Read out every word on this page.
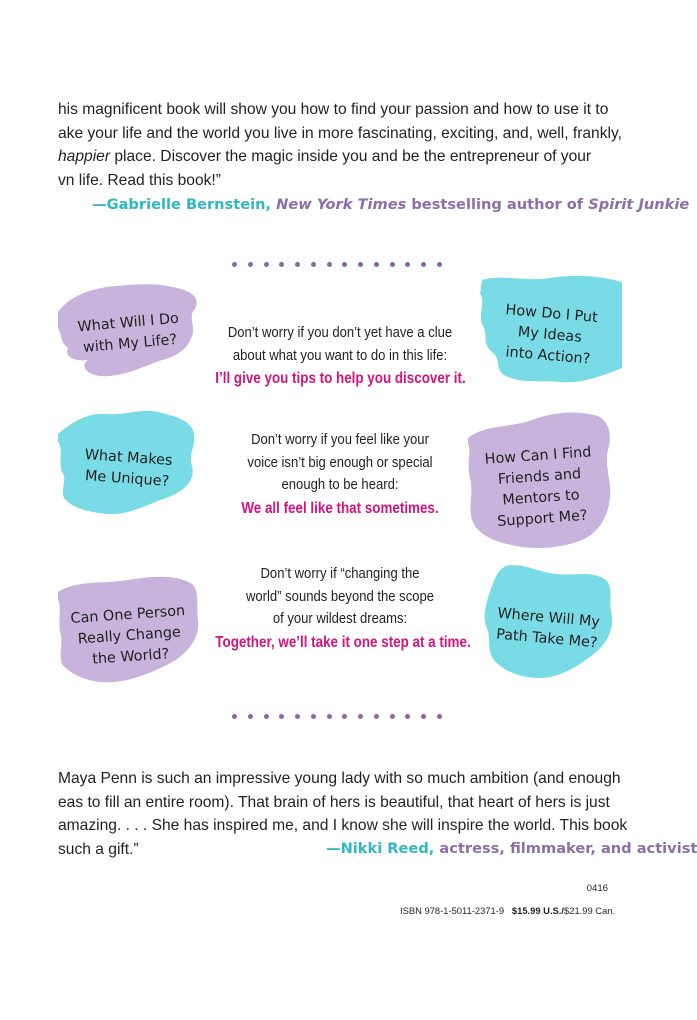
his magnificent book will show you how to find your passion and how to use it to
ake your life and the world you live in more fascinating, exciting, and, well, frankly,
happier place. Discover the magic inside you and be the entrepreneur of your
vn life. Read this book!”
—Gabrielle Bernstein, New York Times bestselling author of Spirit Junkie
What Will I Do
with My Life?
What Makes
Me Unique?
Can One Person
Really Change
the World?
How Do I Put
My Ideas
into Action?
How Can I Find
Friends and
Mentors to
Support Me?
Where Will My
Path Take Me?
Don’t worry if you don’t yet have a clue
about what you want to do in this life:
I’ll give you tips to help you discover it.
Don’t worry if you feel like your
voice isn’t big enough or special
enough to be heard:
We all feel like that sometimes.
Don’t worry if “changing the
world” sounds beyond the scope
of your wildest dreams:
Together, we’ll take it one step at a time.
Maya Penn is such an impressive young lady with so much ambition (and enough
eas to fill an entire room). That brain of hers is beautiful, that heart of hers is just
amazing. . . . She has inspired me, and I know she will inspire the world. This book
such a gift.”	—Nikki Reed, actress, filmmaker, and activist
0416
ISBN 978-1-5011-2371-9 $15.99 U.S./$21.99 Can.
